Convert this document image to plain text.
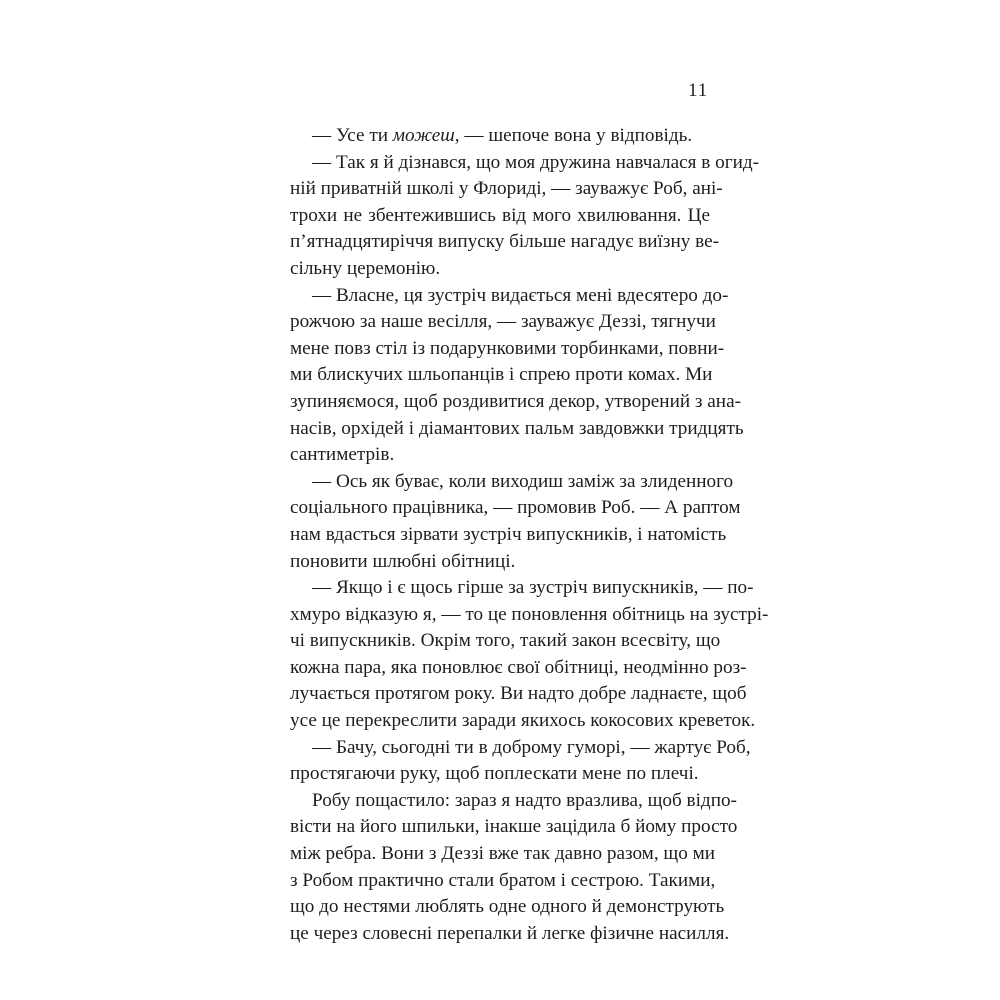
11
— Усе ти можеш, — шепоче вона у відповідь.
— Так я й дізнався, що моя дружина навчалася в огид-
ній приватній школі у Флориді, — зауважує Роб, ані-
трохи не збентежившись від мого хвилювання. Це
п’ятнадцятиріччя випуску більше нагадує виїзну ве-
сільну церемонію.
— Власне, ця зустріч видається мені вдесятеро до-
рожчою за наше весілля, — зауважує Деззі, тягнучи
мене повз стіл із подарунковими торбинками, повни-
ми блискучих шльопанців і спрею проти комах. Ми
зупиняємося, щоб роздивитися декор, утворений з ана-
насів, орхідей і діамантових пальм завдовжки тридцять
сантиметрів.
— Ось як буває, коли виходиш заміж за злиденного
соціального працівника, — промовив Роб. — А раптом
нам вдасться зірвати зустріч випускників, і натомість
поновити шлюбні обітниці.
— Якщо і є щось гірше за зустріч випускників, — по-
хмуро відказую я, — то це поновлення обітниць на зустрі-
чі випускників. Окрім того, такий закон всесвіту, що
кожна пара, яка поновлює свої обітниці, неодмінно роз-
лучається протягом року. Ви надто добре ладнаєте, щоб
усе це перекреслити заради якихось кокосових креветок.
— Бачу, сьогодні ти в доброму гуморі, — жартує Роб,
простягаючи руку, щоб поплескати мене по плечі.
Робу пощастило: зараз я надто вразлива, щоб відпо-
вісти на його шпильки, інакше зацідила б йому просто
між ребра. Вони з Деззі вже так давно разом, що ми
з Робом практично стали братом і сестрою. Такими,
що до нестями люблять одне одного й демонструють
це через словесні перепалки й легке фізичне насилля.
